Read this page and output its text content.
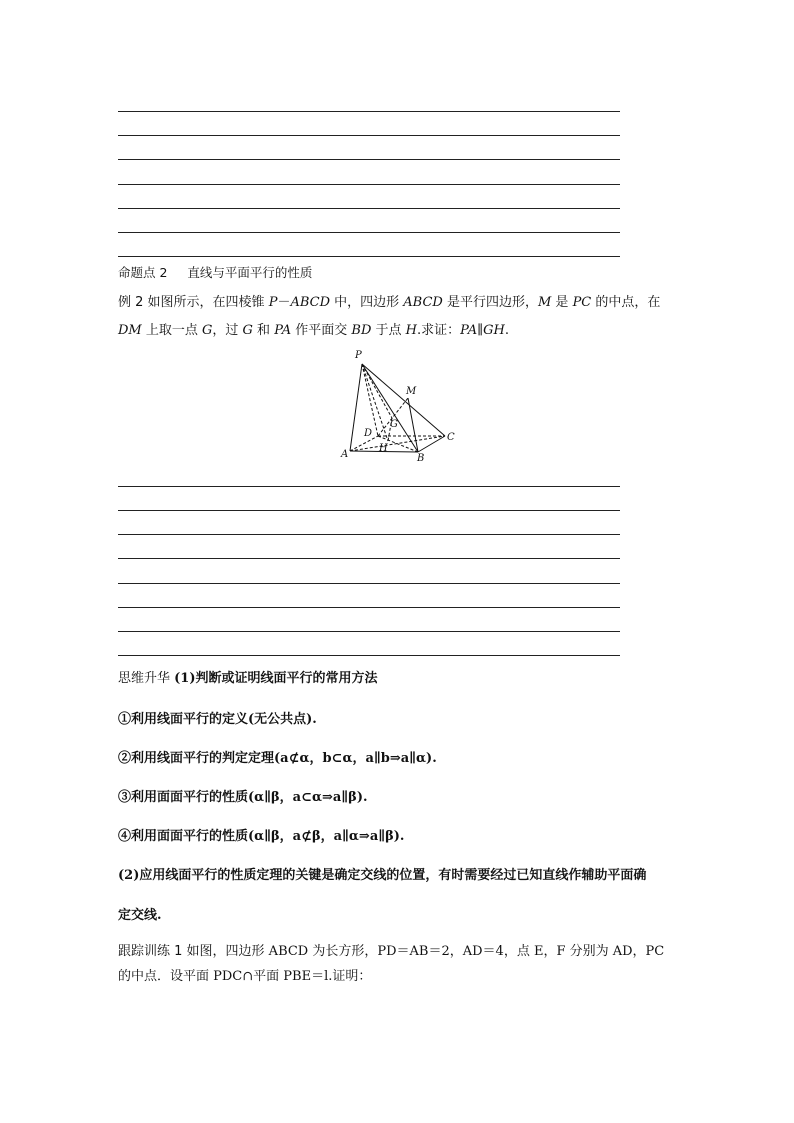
命题点 2 直线与平面平行的性质
例 2 如图所示，在四棱锥 P－ABCD 中，四边形 ABCD 是平行四边形，M 是 PC 的中点，在
DM 上取一点 G，过 G 和 PA 作平面交 BD 于点 H.求证：PA∥GH.
P
M
G
D	C
A
H
B
思维升华 (1)判断或证明线面平行的常用方法
①利用线面平行的定义(无公共点).
②利用线面平行的判定定理(a⊄α，b⊂α，a∥b⇒a∥α).
③利用面面平行的性质(α∥β，a⊂α⇒a∥β).
④利用面面平行的性质(α∥β，a⊄β，a∥α⇒a∥β).
(2)应用线面平行的性质定理的关键是确定交线的位置，有时需要经过已知直线作辅助平面确
定交线.
跟踪训练 1 如图，四边形 ABCD 为长方形，PD＝AB＝2，AD＝4，点 E，F 分别为 AD，PC
的中点．设平面 PDC∩平面 PBE＝l.证明：
